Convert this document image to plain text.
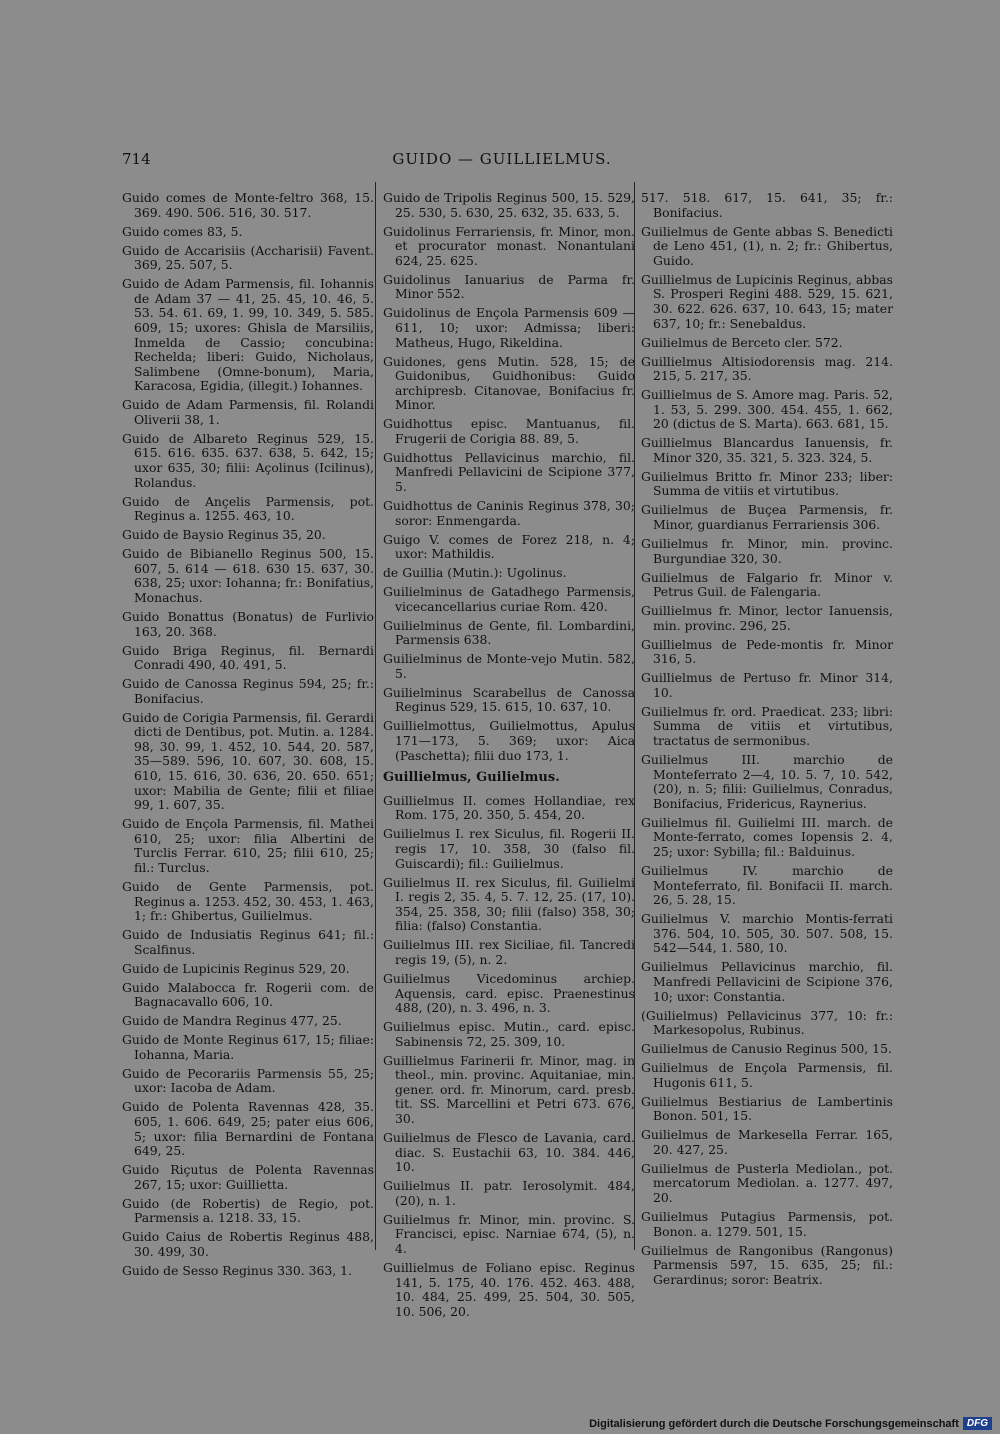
714	GUIDO — GUILLIELMUS.

Guido comes de Monte-feltro 368, 15. 369. 490. 506. 516, 30. 517.

Guido comes 83, 5.

Guido de Accarisiis (Accharisii) Favent. 369, 25. 507, 5.

Guido de Adam Parmensis, fil. Iohannis de Adam 37 — 41, 25. 45, 10. 46, 5. 53. 54. 61. 69, 1. 99, 10. 349, 5. 585. 609, 15; uxores: Ghisla de Marsiliis, Inmelda de Cassio; concubina: Rechelda; liberi: Guido, Nicholaus, Salimbene (Omne-bonum), Maria, Karacosa, Egidia, (illegit.) Iohannes.

Guido de Adam Parmensis, fil. Rolandi Oliverii 38, 1.

Guido de Albareto Reginus 529, 15. 615. 616. 635. 637. 638, 5. 642, 15; uxor 635, 30; filii: Açolinus (Icilinus), Rolandus.

Guido de Ançelis Parmensis, pot. Reginus a. 1255. 463, 10.

Guido de Baysio Reginus 35, 20.

Guido de Bibianello Reginus 500, 15. 607, 5. 614 — 618. 630 15. 637, 30. 638, 25; uxor: Iohanna; fr.: Bonifatius, Monachus.

Guido Bonattus (Bonatus) de Furlivio 163, 20. 368.

Guido Briga Reginus, fil. Bernardi Conradi 490, 40. 491, 5.

Guido de Canossa Reginus 594, 25; fr.: Bonifacius.

Guido de Corigia Parmensis, fil. Gerardi dicti de Dentibus, pot. Mutin. a. 1284. 98, 30. 99, 1. 452, 10. 544, 20. 587, 35—589. 596, 10. 607, 30. 608, 15. 610, 15. 616, 30. 636, 20. 650. 651; uxor: Mabilia de Gente; filii et filiae 99, 1. 607, 35.

Guido de Ençola Parmensis, fil. Mathei 610, 25; uxor: filia Albertini de Turclis Ferrar. 610, 25; filii 610, 25; fil.: Turclus.

Guido de Gente Parmensis, pot. Reginus a. 1253. 452, 30. 453, 1. 463, 1; fr.: Ghibertus, Guilielmus.

Guido de Indusiatis Reginus 641; fil.: Scalfinus.

Guido de Lupicinis Reginus 529, 20.

Guido Malabocca fr. Rogerii com. de Bagnacavallo 606, 10.

Guido de Mandra Reginus 477, 25.

Guido de Monte Reginus 617, 15; filiae: Iohanna, Maria.

Guido de Pecorariis Parmensis 55, 25; uxor: Iacoba de Adam.

Guido de Polenta Ravennas 428, 35. 605, 1. 606. 649, 25; pater eius 606, 5; uxor: filia Bernardini de Fontana 649, 25.

Guido Riçutus de Polenta Ravennas 267, 15; uxor: Guillietta.

Guido (de Robertis) de Regio, pot. Parmensis a. 1218. 33, 15.

Guido Caius de Robertis Reginus 488, 30. 499, 30.

Guido de Sesso Reginus 330. 363, 1.

Guido de Tripolis Reginus 500, 15. 529, 25. 530, 5. 630, 25. 632, 35. 633, 5.

Guidolinus Ferrariensis, fr. Minor, mon. et procurator monast. Nonantulani 624, 25. 625.

Guidolinus Ianuarius de Parma fr. Minor 552.

Guidolinus de Ençola Parmensis 609 —611, 10; uxor: Admissa; liberi: Matheus, Hugo, Rikeldina.

Guidones, gens Mutin. 528, 15; de Guidonibus, Guidhonibus: Guido archipresb. Citanovae, Bonifacius fr. Minor.

Guidhottus episc. Mantuanus, fil. Frugerii de Corigia 88. 89, 5.

Guidhottus Pellavicinus marchio, fil. Manfredi Pellavicini de Scipione 377, 5.

Guidhottus de Caninis Reginus 378, 30; soror: Enmengarda.

Guigo V. comes de Forez 218, n. 4; uxor: Mathildis.

de Guillia (Mutin.): Ugolinus.

Guilielminus de Gatadhego Parmensis, vicecancellarius curiae Rom. 420.

Guilielminus de Gente, fil. Lombardini, Parmensis 638.

Guilielminus de Monte-vejo Mutin. 582, 5.

Guilielminus Scarabellus de Canossa Reginus 529, 15. 615, 10. 637, 10.

Guillielmottus, Guilielmottus, Apulus 171—173, 5. 369; uxor: Aica (Paschetta); filii duo 173, 1.

Guillielmus, Guilielmus.

Guillielmus II. comes Hollandiae, rex Rom. 175, 20. 350, 5. 454, 20.

Guilielmus I. rex Siculus, fil. Rogerii II. regis 17, 10. 358, 30 (falso fil. Guiscardi); fil.: Guilielmus.

Guilielmus II. rex Siculus, fil. Guilielmi I. regis 2, 35. 4, 5. 7. 12, 25. (17, 10). 354, 25. 358, 30; filii (falso) 358, 30; filia: (falso) Constantia.

Guilielmus III. rex Siciliae, fil. Tancredi regis 19, (5), n. 2.

Guilielmus Vicedominus archiep. Aquensis, card. episc. Praenestinus 488, (20), n. 3. 496, n. 3.

Guilielmus episc. Mutin., card. episc. Sabinensis 72, 25. 309, 10.

Guillielmus Farinerii fr. Minor, mag. in theol., min. provinc. Aquitaniae, min. gener. ord. fr. Minorum, card. presb. tit. SS. Marcellini et Petri 673. 676, 30.

Guilielmus de Flesco de Lavania, card. diac. S. Eustachii 63, 10. 384. 446, 10.

Guilielmus II. patr. Ierosolymit. 484, (20), n. 1.

Guilielmus fr. Minor, min. provinc. S. Francisci, episc. Narniae 674, (5), n. 4.

Guillielmus de Foliano episc. Reginus 141, 5. 175, 40. 176. 452. 463. 488, 10. 484, 25. 499, 25. 504, 30. 505, 10. 506, 20.

517. 518. 617, 15. 641, 35; fr.: Bonifacius.

Guilielmus de Gente abbas S. Benedicti de Leno 451, (1), n. 2; fr.: Ghibertus, Guido.

Guillielmus de Lupicinis Reginus, abbas S. Prosperi Regini 488. 529, 15. 621, 30. 622. 626. 637, 10. 643, 15; mater 637, 10; fr.: Senebaldus.

Guilielmus de Berceto cler. 572.

Guillielmus Altisiodorensis mag. 214. 215, 5. 217, 35.

Guillielmus de S. Amore mag. Paris. 52, 1. 53, 5. 299. 300. 454. 455, 1. 662, 20 (dictus de S. Marta). 663. 681, 15.

Guillielmus Blancardus Ianuensis, fr. Minor 320, 35. 321, 5. 323. 324, 5.

Guilielmus Britto fr. Minor 233; liber: Summa de vitiis et virtutibus.

Guilielmus de Buçea Parmensis, fr. Minor, guardianus Ferrariensis 306.

Guilielmus fr. Minor, min. provinc. Burgundiae 320, 30.

Guilielmus de Falgario fr. Minor v. Petrus Guil. de Falengaria.

Guillielmus fr. Minor, lector Ianuensis, min. provinc. 296, 25.

Guillielmus de Pede-montis fr. Minor 316, 5.

Guillielmus de Pertuso fr. Minor 314, 10.

Guilielmus fr. ord. Praedicat. 233; libri: Summa de vitiis et virtutibus, tractatus de sermonibus.

Guilielmus III. marchio de Monteferrato 2—4, 10. 5. 7, 10. 542, (20), n. 5; filii: Guilielmus, Conradus, Bonifacius, Fridericus, Raynerius.

Guilielmus fil. Guilielmi III. march. de Monte-ferrato, comes Iopensis 2. 4, 25; uxor: Sybilla; fil.: Balduinus.

Guilielmus IV. marchio de Monteferrato, fil. Bonifacii II. march. 26, 5. 28, 15.

Guilielmus V. marchio Montis-ferrati 376. 504, 10. 505, 30. 507. 508, 15. 542—544, 1. 580, 10.

Guilielmus Pellavicinus marchio, fil. Manfredi Pellavicini de Scipione 376, 10; uxor: Constantia.

(Guilielmus) Pellavicinus 377, 10: fr.: Markesopolus, Rubinus.

Guilielmus de Canusio Reginus 500, 15.

Guilielmus de Ençola Parmensis, fil. Hugonis 611, 5.

Guilielmus Bestiarius de Lambertinis Bonon. 501, 15.

Guilielmus de Markesella Ferrar. 165, 20. 427, 25.

Guilielmus de Pusterla Mediolan., pot. mercatorum Mediolan. a. 1277. 497, 20.

Guilielmus Putagius Parmensis, pot. Bonon. a. 1279. 501, 15.

Guilielmus de Rangonibus (Rangonus) Parmensis 597, 15. 635, 25; fil.: Gerardinus; soror: Beatrix.

Digitalisierung gefördert durch die Deutsche Forschungsgemeinschaft DFG
